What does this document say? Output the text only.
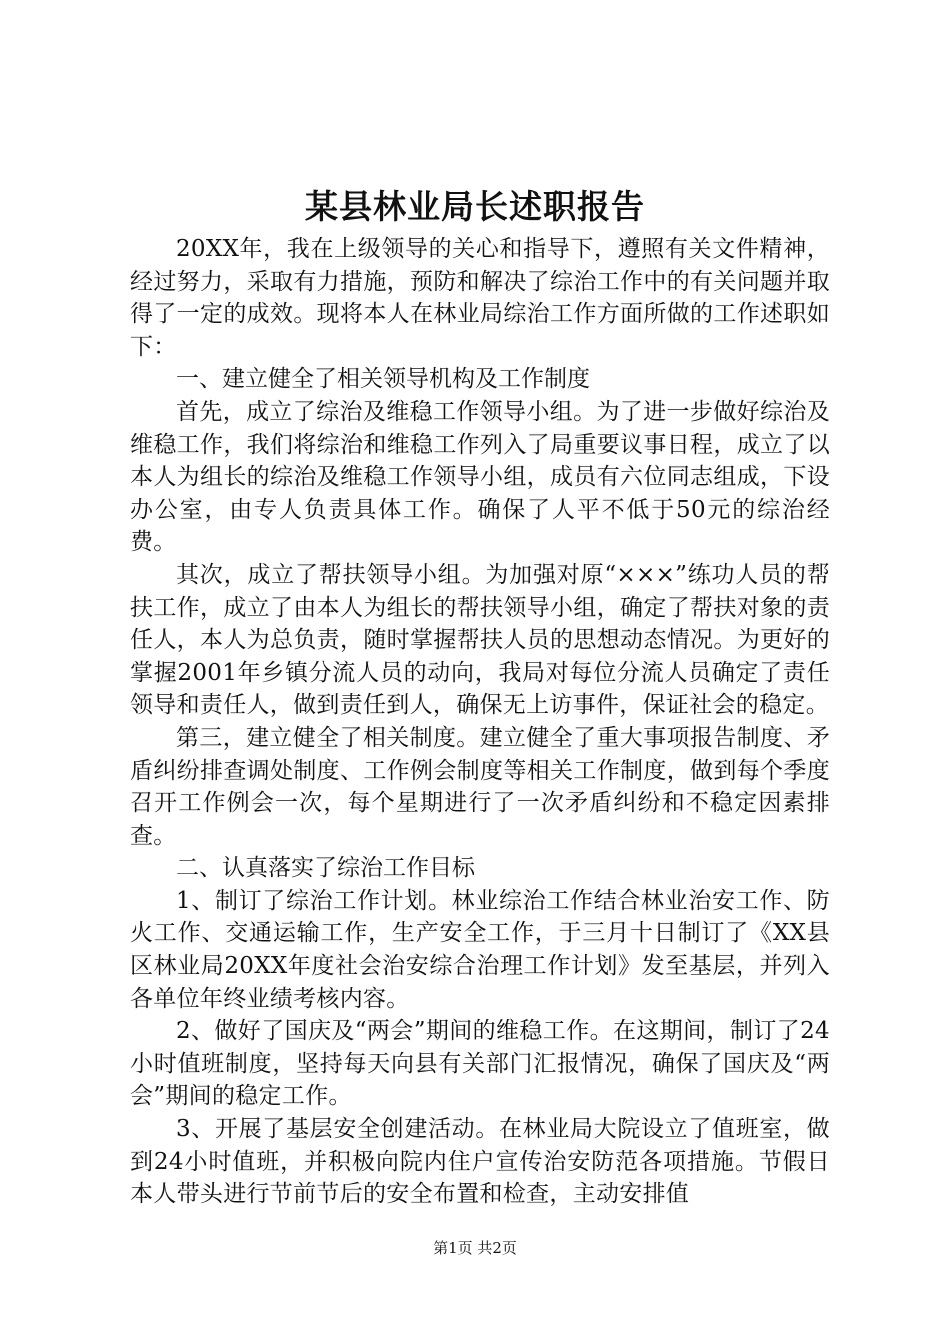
某县林业局长述职报告

20XX年，我在上级领导的关心和指导下，遵照有关文件精神，经过努力，采取有力措施，预防和解决了综治工作中的有关问题并取得了一定的成效。现将本人在林业局综治工作方面所做的工作述职如下：

一、建立健全了相关领导机构及工作制度

首先，成立了综治及维稳工作领导小组。为了进一步做好综治及维稳工作，我们将综治和维稳工作列入了局重要议事日程，成立了以本人为组长的综治及维稳工作领导小组，成员有六位同志组成，下设办公室，由专人负责具体工作。确保了人平不低于50元的综治经费。

其次，成立了帮扶领导小组。为加强对原“×××”练功人员的帮扶工作，成立了由本人为组长的帮扶领导小组，确定了帮扶对象的责任人，本人为总负责，随时掌握帮扶人员的思想动态情况。为更好的掌握2001年乡镇分流人员的动向，我局对每位分流人员确定了责任领导和责任人，做到责任到人，确保无上访事件，保证社会的稳定。

第三，建立健全了相关制度。建立健全了重大事项报告制度、矛盾纠纷排查调处制度、工作例会制度等相关工作制度，做到每个季度召开工作例会一次，每个星期进行了一次矛盾纠纷和不稳定因素排查。

二、认真落实了综治工作目标

1、制订了综治工作计划。林业综治工作结合林业治安工作、防火工作、交通运输工作，生产安全工作，于三月十日制订了《XX县区林业局20XX年度社会治安综合治理工作计划》发至基层，并列入各单位年终业绩考核内容。

2、做好了国庆及“两会”期间的维稳工作。在这期间，制订了24小时值班制度，坚持每天向县有关部门汇报情况，确保了国庆及“两会”期间的稳定工作。

3、开展了基层安全创建活动。在林业局大院设立了值班室，做到24小时值班，并积极向院内住户宣传治安防范各项措施。节假日本人带头进行节前节后的安全布置和检查，主动安排值

第1页 共2页
